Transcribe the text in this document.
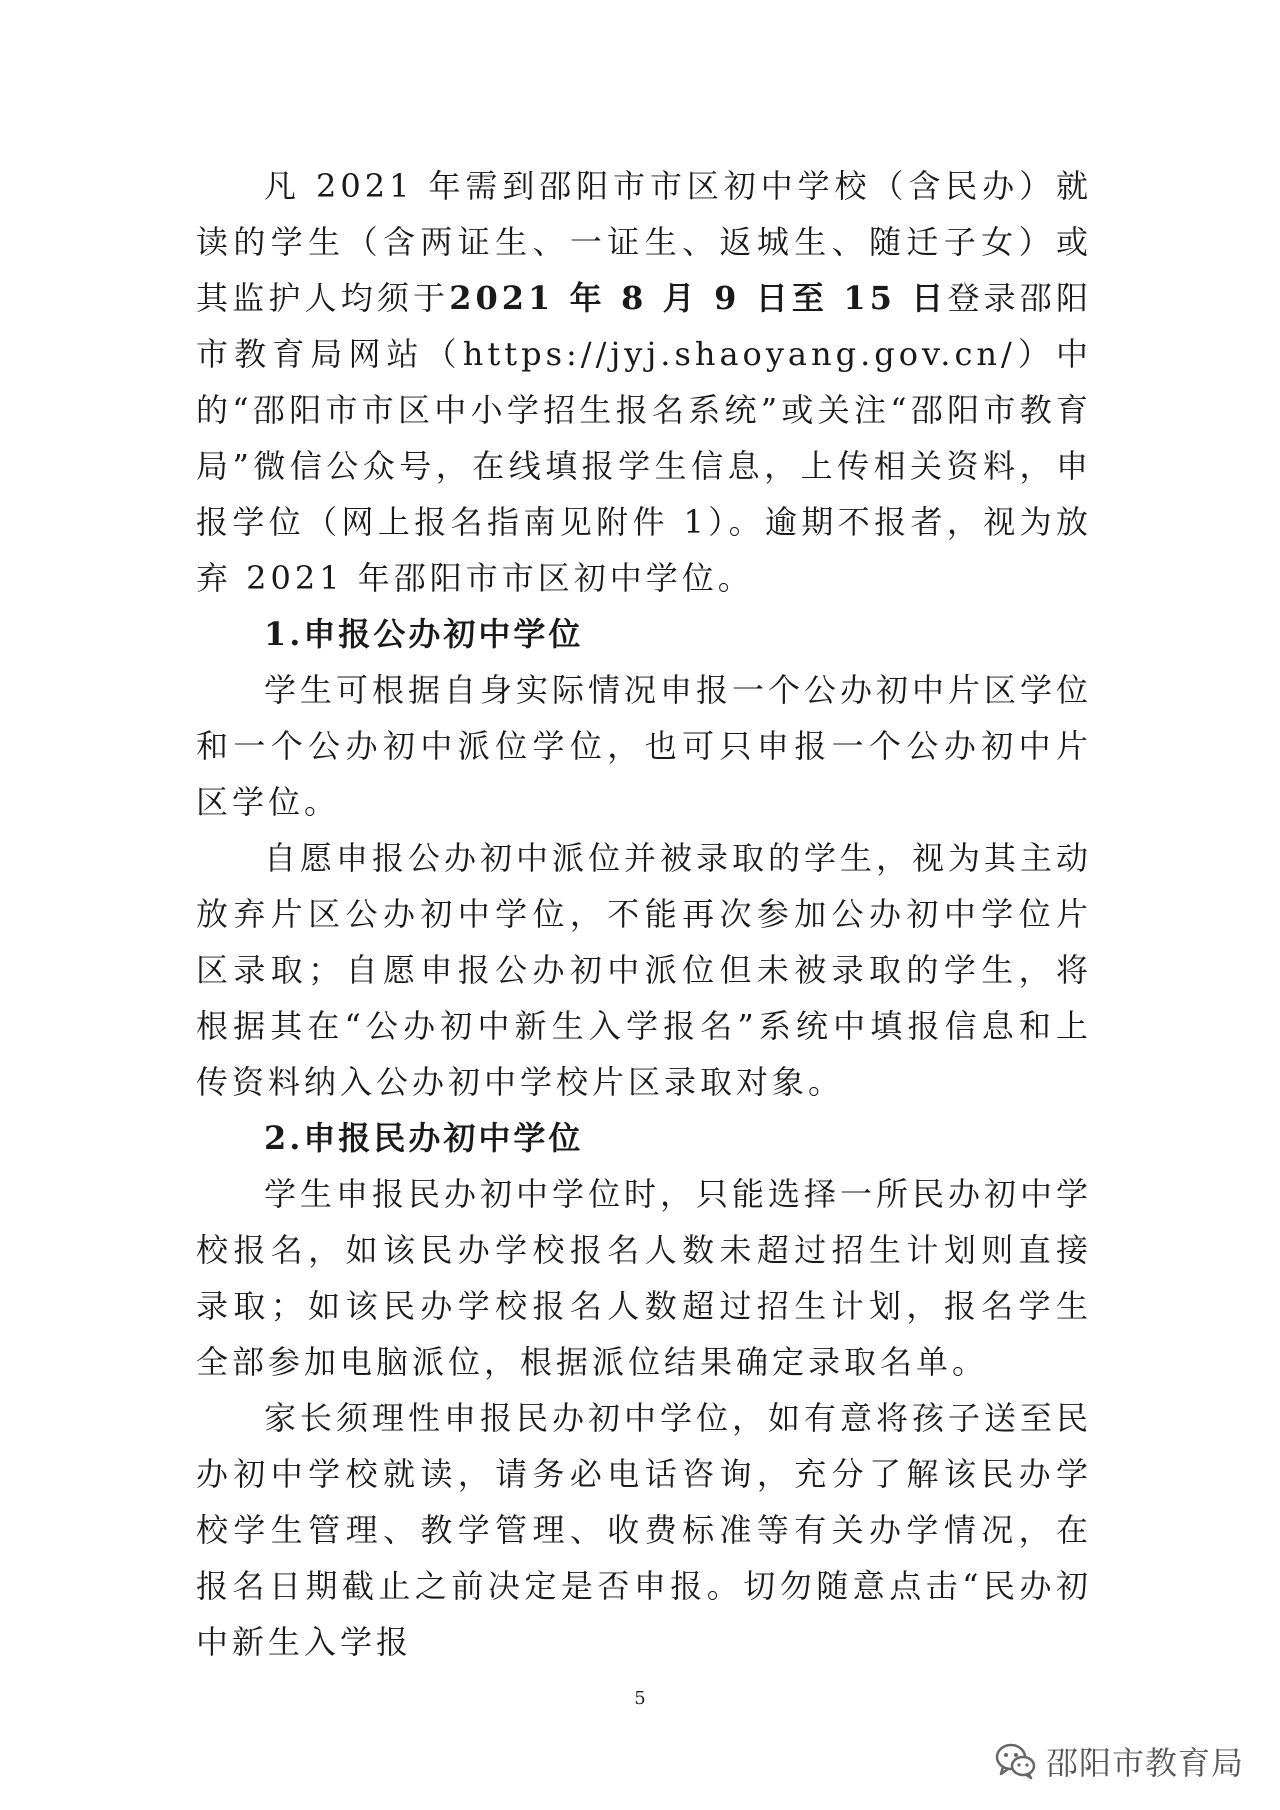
凡 2021 年需到邵阳市市区初中学校（含民办）就读的学生（含两证生、一证生、返城生、随迁子女）或其监护人均须于2021 年 8 月 9 日至 15 日登录邵阳市教育局网站（https://jyj.shaoyang.gov.cn/）中的“邵阳市市区中小学招生报名系统”或关注“邵阳市教育局”微信公众号，在线填报学生信息，上传相关资料，申报学位（网上报名指南见附件 1）。逾期不报者，视为放弃 2021 年邵阳市市区初中学位。

1.申报公办初中学位

学生可根据自身实际情况申报一个公办初中片区学位和一个公办初中派位学位，也可只申报一个公办初中片区学位。

自愿申报公办初中派位并被录取的学生，视为其主动放弃片区公办初中学位，不能再次参加公办初中学位片区录取；自愿申报公办初中派位但未被录取的学生，将根据其在“公办初中新生入学报名”系统中填报信息和上传资料纳入公办初中学校片区录取对象。

2.申报民办初中学位

学生申报民办初中学位时，只能选择一所民办初中学校报名，如该民办学校报名人数未超过招生计划则直接录取；如该民办学校报名人数超过招生计划，报名学生全部参加电脑派位，根据派位结果确定录取名单。

家长须理性申报民办初中学位，如有意将孩子送至民办初中学校就读，请务必电话咨询，充分了解该民办学校学生管理、教学管理、收费标准等有关办学情况，在报名日期截止之前决定是否申报。切勿随意点击“民办初中新生入学报

5
邵阳市教育局
